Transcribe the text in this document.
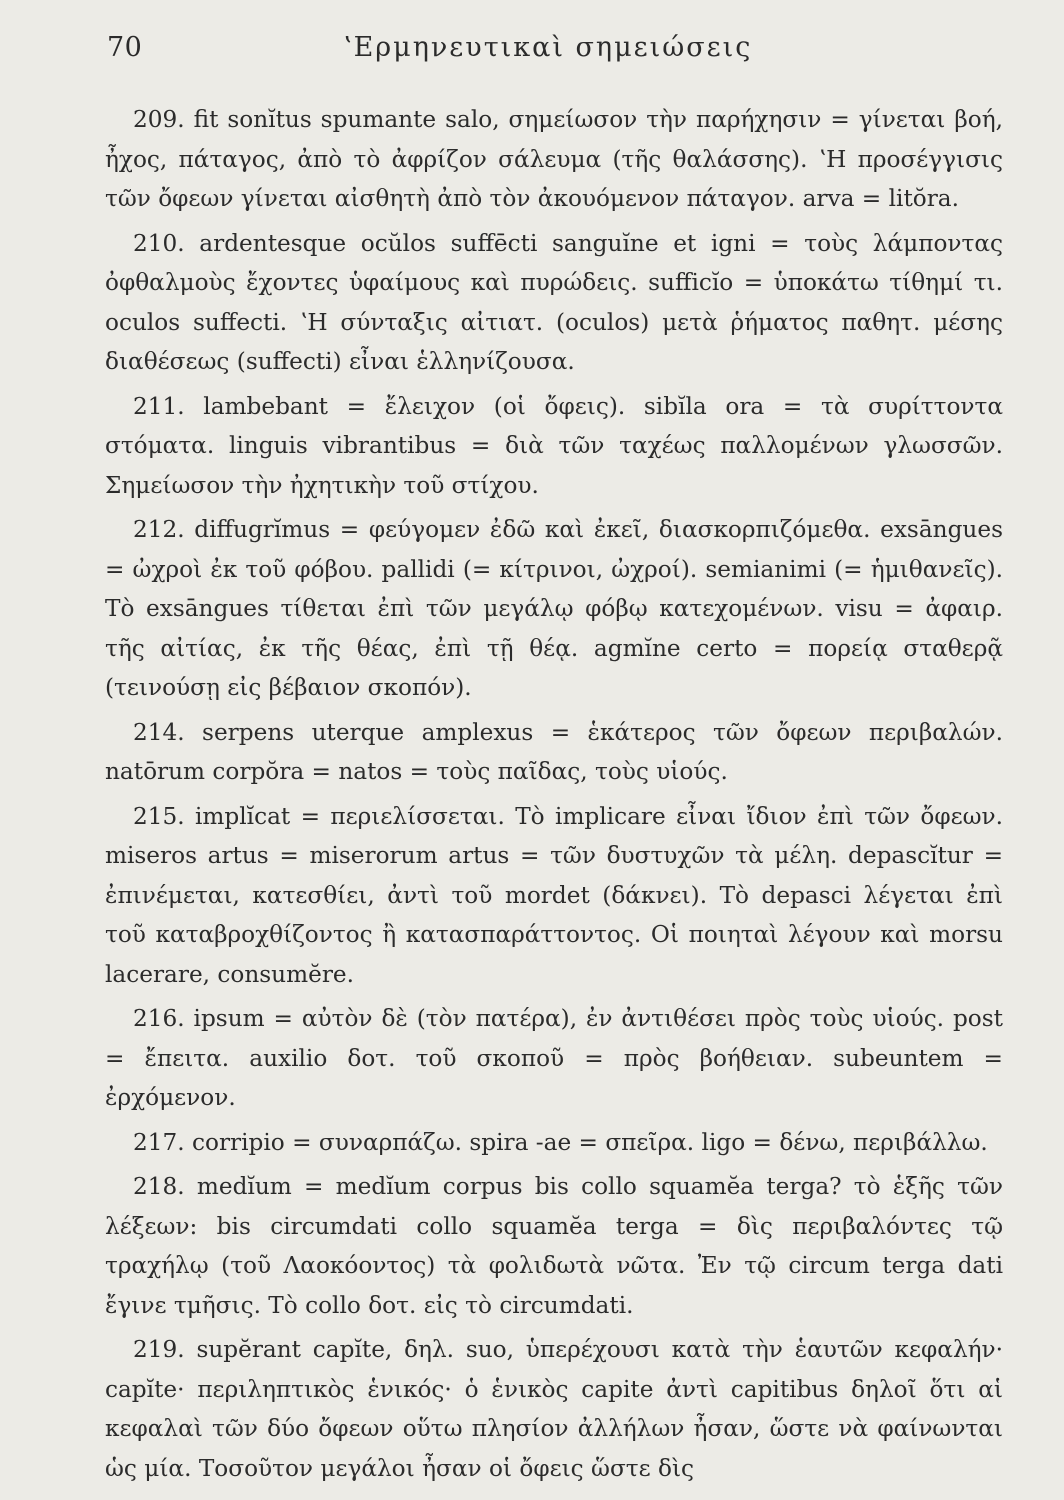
70	ʽΕρμηνευτικαὶ σημειώσεις

209. fit sonĭtus spumante salo, σημείωσον τὴν παρήχησιν = γίνεται βοή, ἦχος, πάταγος, ἀπὸ τὸ ἀφρίζον σάλευμα (τῆς θαλάσσης). ʽΗ προσέγγισις τῶν ὄφεων γίνεται αἰσθητὴ ἀπὸ τὸν ἀκουόμενον πάταγον. arva = litŏra.

210. ardentesque ocŭlos suffēcti sanguĭne et igni = τοὺς λάμποντας ὀφθαλμοὺς ἔχοντες ὑφαίμους καὶ πυρώδεις. sufficĭo = ὑποκάτω τίθημί τι. oculos suffecti. ʽΗ σύνταξις αἰτιατ. (oculos) μετὰ ῥήματος παθητ. μέσης διαθέσεως (suffecti) εἶναι ἑλληνίζουσα.

211. lambebant = ἔλειχον (οἱ ὄφεις). sibĭla ora = τὰ συρίττοντα στόματα. linguis vibrantibus = διὰ τῶν ταχέως παλλομένων γλωσσῶν. Σημείωσον τὴν ἠχητικὴν τοῦ στίχου.

212. diffugrĭmus = φεύγομεν ἐδῶ καὶ ἐκεῖ, διασκορπιζόμεθα. exsāngues = ὠχροὶ ἐκ τοῦ φόβου. pallidi (= κίτρινοι, ὠχροί). semianimi (= ἡμιθανεῖς). Τὸ exsāngues τίθεται ἐπὶ τῶν μεγάλῳ φόβῳ κατεχομένων. visu = ἀφαιρ. τῆς αἰτίας, ἐκ τῆς θέας, ἐπὶ τῇ θέᾳ. agmĭne certo = πορείᾳ σταθερᾷ (τεινούσῃ εἰς βέβαιον σκοπόν).

214. serpens uterque amplexus = ἑκάτερος τῶν ὄφεων περιβαλών. natōrum corpŏra = natos = τοὺς παῖδας, τοὺς υἱούς.

215. implĭcat = περιελίσσεται. Τὸ implicare εἶναι ἴδιον ἐπὶ τῶν ὄφεων. miseros artus = miserorum artus = τῶν δυστυχῶν τὰ μέλη. depascĭtur = ἐπινέμεται, κατεσθίει, ἀντὶ τοῦ mordet (δάκνει). Τὸ depasci λέγεται ἐπὶ τοῦ καταβροχθίζοντος ἢ κατασπαράττοντος. Οἱ ποιηταὶ λέγουν καὶ morsu lacerare, consumĕre.

216. ipsum = αὐτὸν δὲ (τὸν πατέρα), ἐν ἀντιθέσει πρὸς τοὺς υἱούς. post = ἔπειτα. auxilio δοτ. τοῦ σκοποῦ = πρὸς βοήθειαν. subeuntem = ἐρχόμενον.

217. corripio = συναρπάζω. spira -ae = σπεῖρα. ligo = δένω, περιβάλλω.

218. medĭum = medĭum corpus bis collo squamĕa terga? τὸ ἑξῆς τῶν λέξεων: bis circumdati collo squamĕa terga = δὶς περιβαλόντες τῷ τραχήλῳ (τοῦ Λαοκόοντος) τὰ φολιδωτὰ νῶτα. Ἐν τῷ circum terga dati ἔγινε τμῆσις. Τὸ collo δοτ. εἰς τὸ circumdati.

219. supĕrant capĭte, δηλ. suo, ὑπερέχουσι κατὰ τὴν ἑαυτῶν κεφαλήν· capĭte· περιληπτικὸς ἑνικός· ὁ ἑνικὸς capite ἀντὶ capitibus δηλοῖ ὅτι αἱ κεφαλαὶ τῶν δύο ὄφεων οὕτω πλησίον ἀλλήλων ἦσαν, ὥστε νὰ φαίνωνται ὡς μία. Τοσοῦτον μεγάλοι ἦσαν οἱ ὄφεις ὥστε δὶς
